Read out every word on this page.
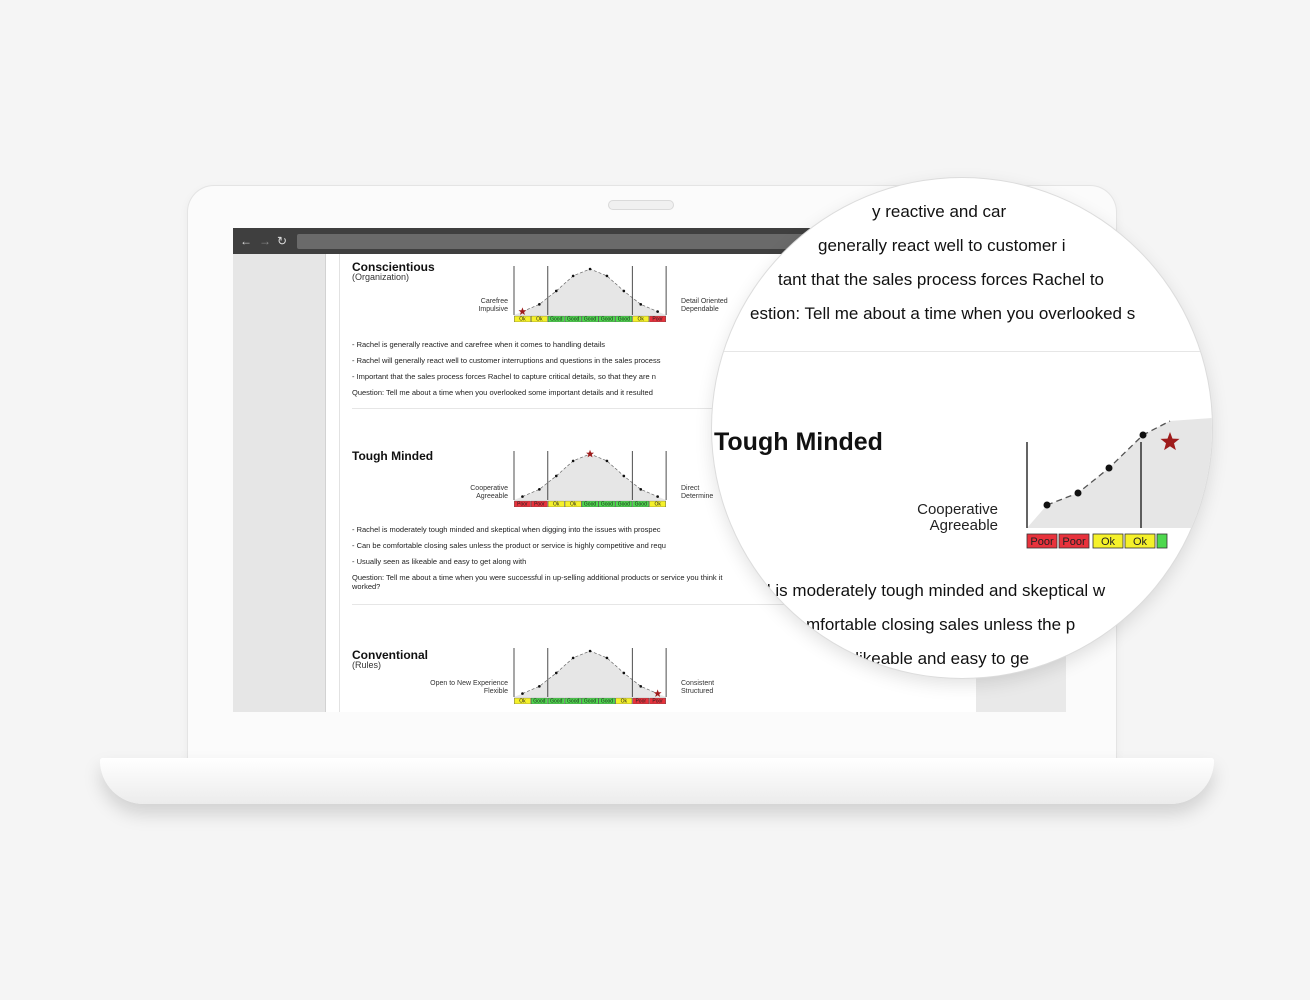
← → ↻
Conscientious
(Organization)
Carefree
Impulsive
Detail Oriented
Dependable
Ok Ok Good Good Good Good Good Ok Poor
- Rachel is generally reactive and carefree when it comes to handling details
- Rachel will generally react well to customer interruptions and questions in the sales process
- Important that the sales process forces Rachel to capture critical details, so that they are n
Question: Tell me about a time when you overlooked some important details and it resulted
Tough Minded
Cooperative
Agreeable
Direct
Determine
Poor Poor Ok Ok Good Good Good Good Ok
- Rachel is moderately tough minded and skeptical when digging into the issues with prospec
- Can be comfortable closing sales unless the product or service is highly competitive and requ
- Usually seen as likeable and easy to get along with
Question: Tell me about a time when you were successful in up-selling additional products or service you think it worked?
Conventional
(Rules)
Open to New Experience
Flexible
Consistent
Structured
Ok Good Good Good Good Good Ok Poor Poor
y reactive and car
generally react well to customer i
tant that the sales process forces Rachel to
estion: Tell me about a time when you overlooked s
Tough Minded
Cooperative
Agreeable
Poor Poor Ok Ok
hel is moderately tough minded and skeptical w
comfortable closing sales unless the p
y likeable and easy to ge
